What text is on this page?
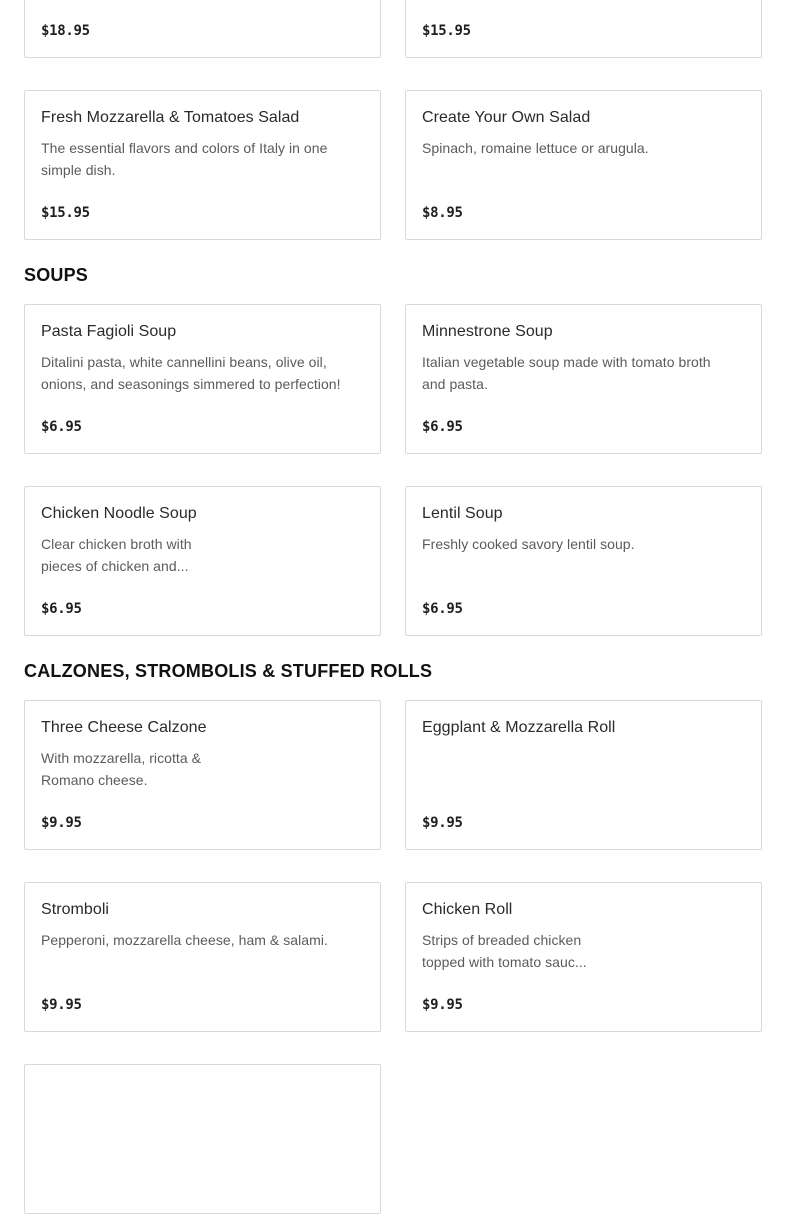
$18.95	$15.95
Fresh Mozzarella & Tomatoes Salad
The essential flavors and colors of Italy in one
simple dish.
$15.95
Create Your Own Salad
Spinach, romaine lettuce or arugula.
$8.95
SOUPS
Pasta Fagioli Soup
Ditalini pasta, white cannellini beans, olive oil,
onions, and seasonings simmered to perfection!
$6.95
Minnestrone Soup
Italian vegetable soup made with tomato broth
and pasta.
$6.95
Chicken Noodle Soup
Clear chicken broth with
pieces of chicken and...
$6.95
Lentil Soup
Freshly cooked savory lentil soup.
$6.95
CALZONES, STROMBOLIS & STUFFED ROLLS
Three Cheese Calzone
With mozzarella, ricotta &
Romano cheese.
$9.95
Eggplant & Mozzarella Roll
$9.95
Stromboli
Pepperoni, mozzarella cheese, ham & salami.
$9.95
Chicken Roll
Strips of breaded chicken
topped with tomato sauc...
$9.95
